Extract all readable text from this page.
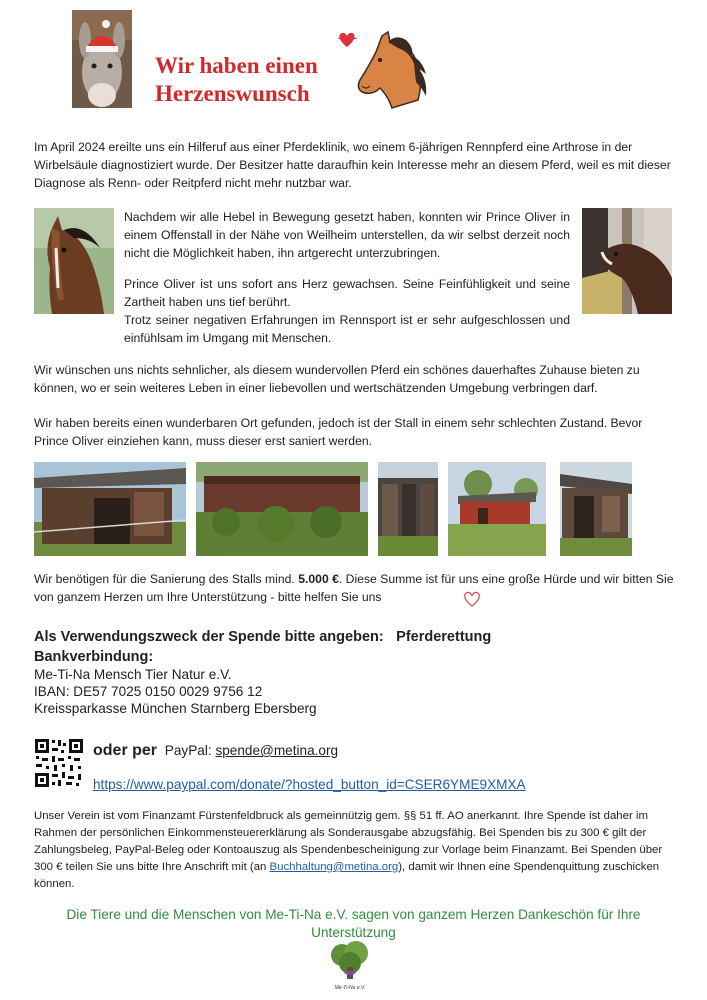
Wir haben einen
Herzenswunsch
Im April 2024 ereilte uns ein Hilferuf aus einer Pferdeklinik, wo einem 6-jährigen Rennpferd eine Arthrose in der Wirbelsäule diagnostiziert wurde. Der Besitzer hatte daraufhin kein Interesse mehr an diesem Pferd, weil es mit dieser Diagnose als Renn- oder Reitpferd nicht mehr nutzbar war.
Nachdem wir alle Hebel in Bewegung gesetzt haben, konnten wir Prince Oliver in einem Offenstall in der Nähe von Weilheim unterstellen, da wir selbst derzeit noch nicht die Möglichkeit haben, ihn artgerecht unterzubringen.
Prince Oliver ist uns sofort ans Herz gewachsen. Seine Feinfühligkeit und seine Zartheit haben uns tief berührt.
Trotz seiner negativen Erfahrungen im Rennsport ist er sehr aufgeschlossen und einfühlsam im Umgang mit Menschen.
Wir wünschen uns nichts sehnlicher, als diesem wundervollen Pferd ein schönes dauerhaftes Zuhause bieten zu können, wo er sein weiteres Leben in einer liebevollen und wertschätzenden Umgebung verbringen darf.
Wir haben bereits einen wunderbaren Ort gefunden, jedoch ist der Stall in einem sehr schlechten Zustand. Bevor Prince Oliver einziehen kann, muss dieser erst saniert werden.
Wir benötigen für die Sanierung des Stalls mind. 5.000 €. Diese Summe ist für uns eine große Hürde und wir bitten Sie von ganzem Herzen um Ihre Unterstützung - bitte helfen Sie uns
Als Verwendungszweck der Spende bitte angeben: Pferderettung
Bankverbindung:
Me-Ti-Na Mensch Tier Natur e.V.
IBAN: DE57 7025 0150 0029 9756 12
Kreissparkasse München Starnberg Ebersberg
oder per PayPal: spende@metina.org
https://www.paypal.com/donate/?hosted_button_id=CSER6YME9XMXA
Unser Verein ist vom Finanzamt Fürstenfeldbruck als gemeinnützig gem. §§ 51 ff. AO anerkannt. Ihre Spende ist daher im Rahmen der persönlichen Einkommensteuererklärung als Sonderausgabe abzugsfähig. Bei Spenden bis zu 300 € gilt der Zahlungsbeleg, PayPal-Beleg oder Kontoauszug als Spendenbescheinigung zur Vorlage beim Finanzamt. Bei Spenden über 300 € teilen Sie uns bitte Ihre Anschrift mit (an Buchhaltung@metina.org), damit wir Ihnen eine Spendenquittung zuschicken können.
Die Tiere und die Menschen von Me-Ti-Na e.V. sagen von ganzem Herzen Dankeschön für Ihre Unterstützung
Me-Ti-Na e.V.
